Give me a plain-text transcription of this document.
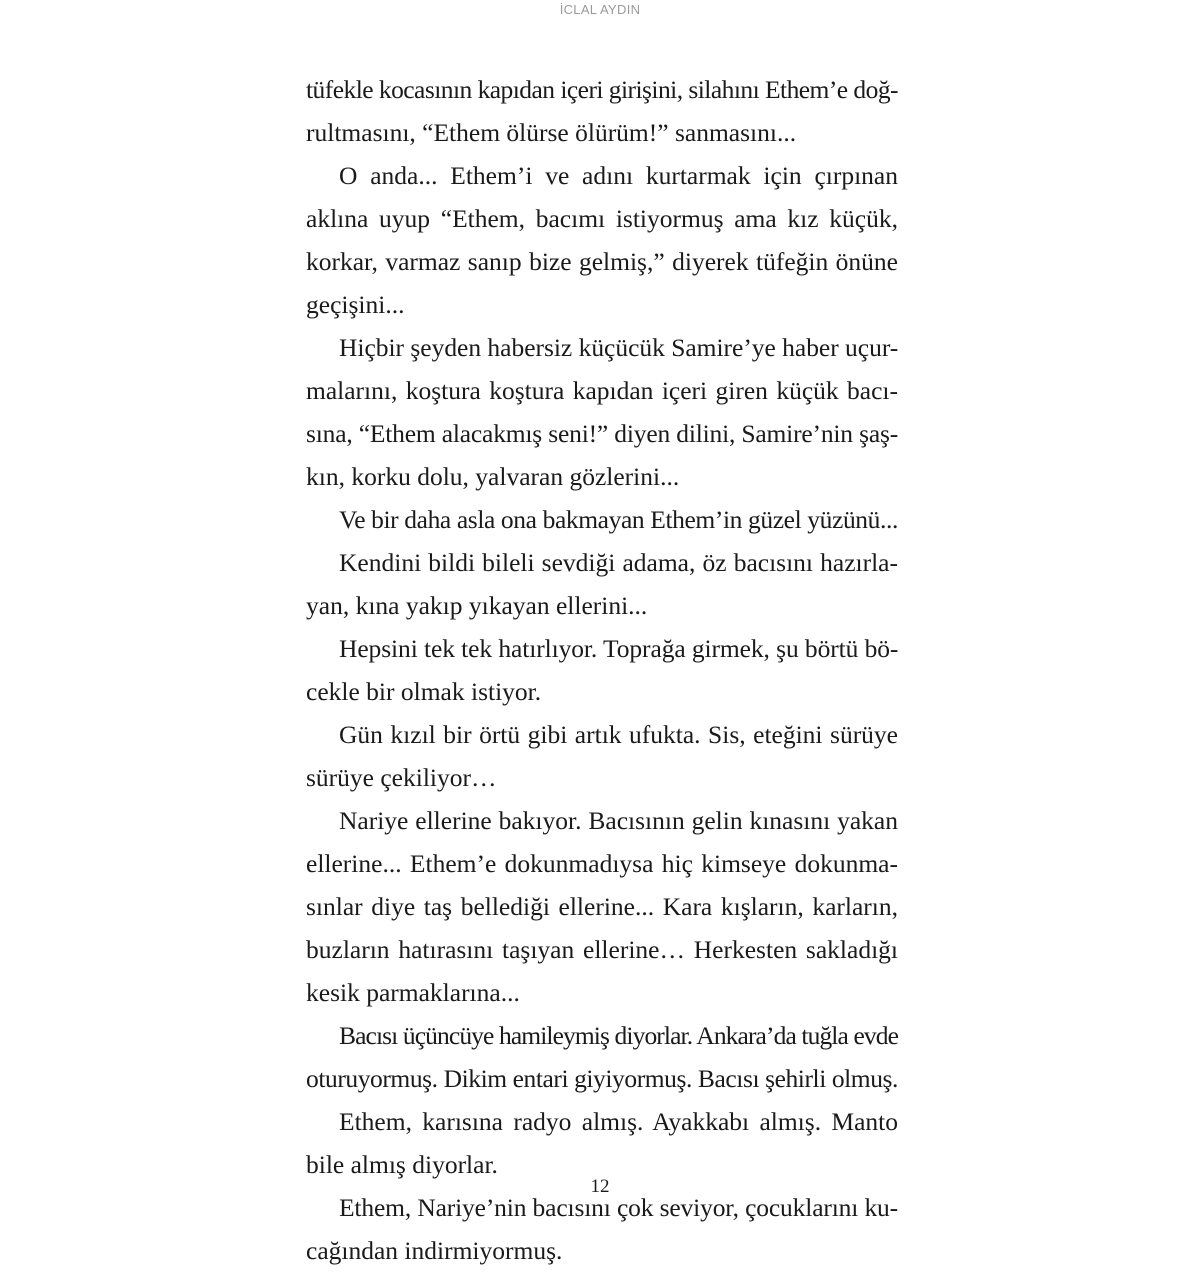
İCLAL AYDIN
tüfekle kocasının kapıdan içeri girişini, silahını Ethem’e doğ-
rultmasını, “Ethem ölürse ölürüm!” sanmasını...
O anda... Ethem’i ve adını kurtarmak için çırpınan
aklına uyup “Ethem, bacımı istiyormuş ama kız küçük,
korkar, varmaz sanıp bize gelmiş,” diyerek tüfeğin önüne
geçişini...
Hiçbir şeyden habersiz küçücük Samire’ye haber uçur-
malarını, koştura koştura kapıdan içeri giren küçük bacı-
sına, “Ethem alacakmış seni!” diyen dilini, Samire’nin şaş-
kın, korku dolu, yalvaran gözlerini...
Ve bir daha asla ona bakmayan Ethem’in güzel yüzünü...
Kendini bildi bileli sevdiği adama, öz bacısını hazırla-
yan, kına yakıp yıkayan ellerini...
Hepsini tek tek hatırlıyor. Toprağa girmek, şu börtü bö-
cekle bir olmak istiyor.
Gün kızıl bir örtü gibi artık ufukta. Sis, eteğini sürüye
sürüye çekiliyor…
Nariye ellerine bakıyor. Bacısının gelin kınasını yakan
ellerine... Ethem’e dokunmadıysa hiç kimseye dokunma-
sınlar diye taş bellediği ellerine... Kara kışların, karların,
buzların hatırasını taşıyan ellerine… Herkesten sakladığı
kesik parmaklarına...
Bacısı üçüncüye hamileymiş diyorlar. Ankara’da tuğla evde
oturuyormuş. Dikim entari giyiyormuş. Bacısı şehirli olmuş.
Ethem, karısına radyo almış. Ayakkabı almış. Manto
bile almış diyorlar.
Ethem, Nariye’nin bacısını çok seviyor, çocuklarını ku-
cağından indirmiyormuş.
12
